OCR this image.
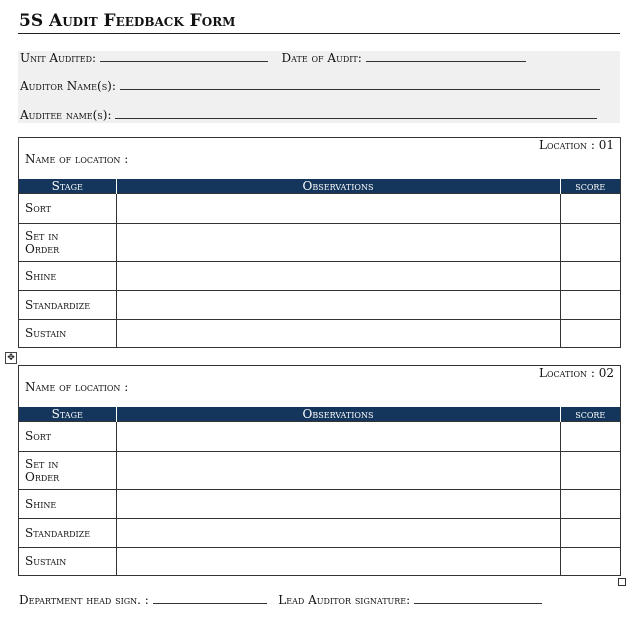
5S Audit Feedback Form
Unit Audited:	Date of Audit:
Auditor Name(s):
Auditee name(s):
Name of location :
Location : 01
Stage	Observations	score
Sort		
Set in Order		
Shine		
Standardize		
Sustain		
✥
Name of location :
Location : 02
Stage	Observations	score
Sort		
Set in Order		
Shine		
Standardize		
Sustain		
Department head sign. :	Lead Auditor signature:
